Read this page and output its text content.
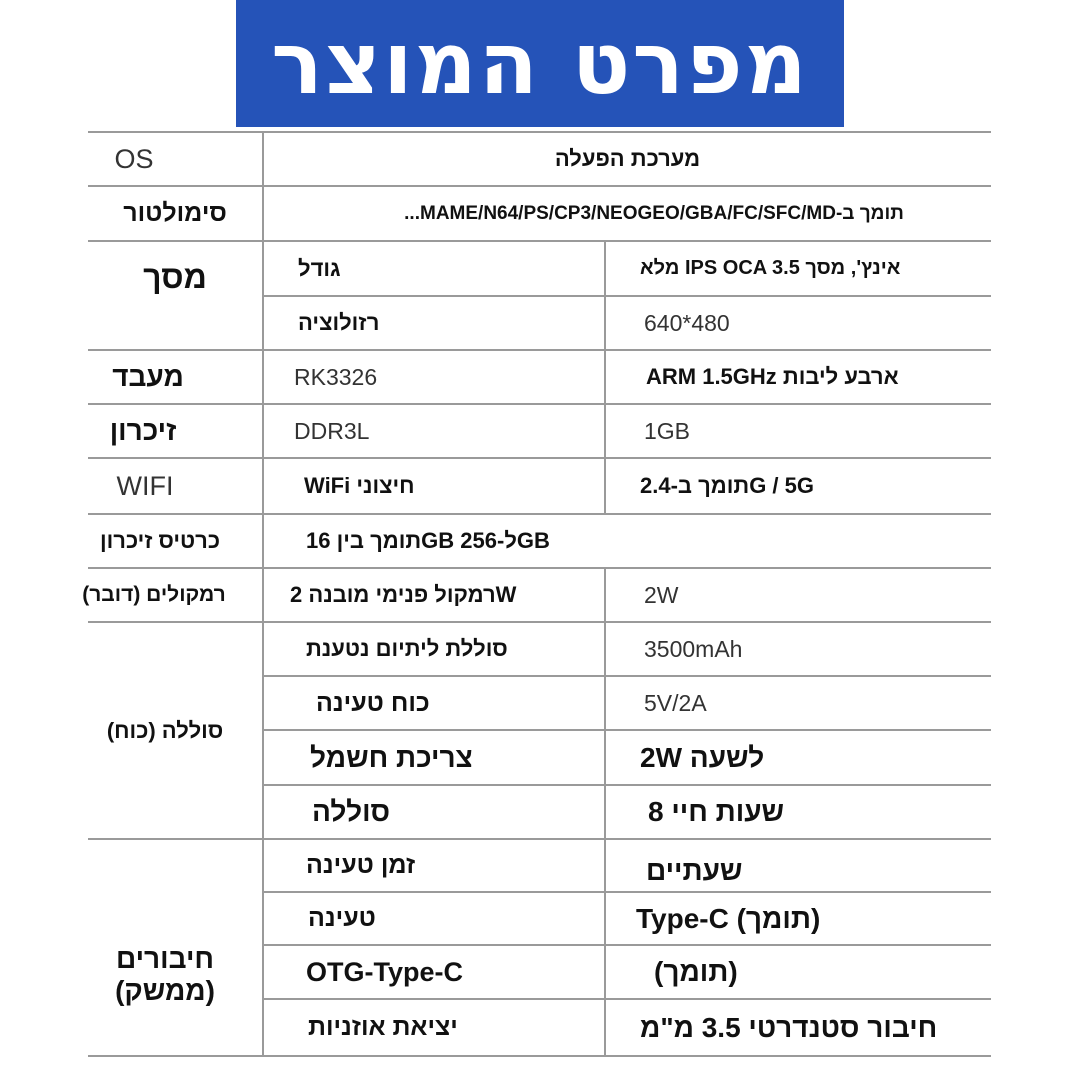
מפרט המוצר
OS	מערכת הפעלה
סימולטור	תומך ב-MAME/N64/PS/CP3/NEOGEO/GBA/FC/SFC/MD...
מסך	גודל	מלא IPS OCA אינץ', מסך 3.5
רזולוציה	640*480
מעבד	RK3326	ARM 1.5GHz ארבע ליבות
זיכרון	DDR3L	1GB
WIFI	WiFi חיצוני	תומך ב-2.4G / 5G
כרטיס זיכרון	תומך בין 16GB ל-256GB
רמקולים (דובר)	רמקול פנימי מובנה 2W	2W
סוללה (כוח)
סוללת ליתיום נטענת	3500mAh
כוח טעינה	5V/2A
צריכת חשמל	2W לשעה
סוללה	8 שעות חיי
חיבורים
(ממשק)
זמן טעינה	שעתיים
טעינה	Type-C (תומך)
OTG-Type-C	(תומך)
יציאת אוזניות	חיבור סטנדרטי 3.5 מ"מ
